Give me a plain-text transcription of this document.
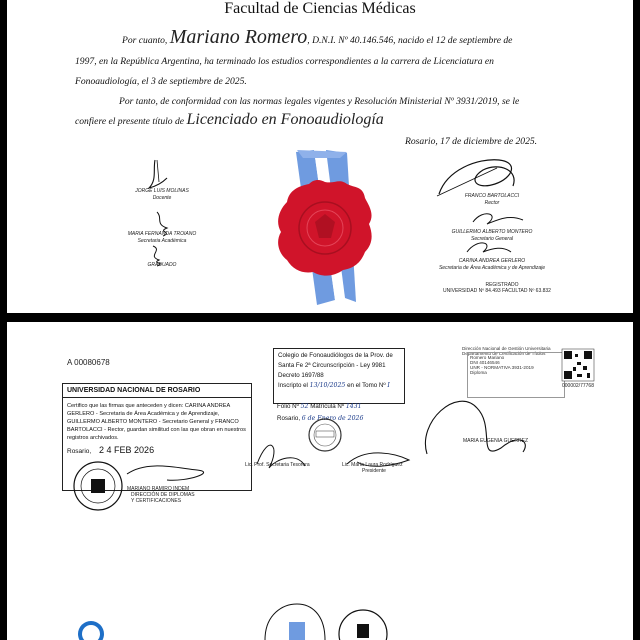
Facultad de Ciencias Médicas
Por cuanto, Mariano Romero, D.N.I. Nº 40.146.546, nacido el 12 de septiembre de
1997, en la República Argentina, ha terminado los estudios correspondientes a la carrera de Licenciatura en
Fonoaudiología, el 3 de septiembre de 2025.
Por tanto, de conformidad con las normas legales vigentes y Resolución Ministerial Nº 3931/2019, se le
confiere el presente título de Licenciado en Fonoaudiología
Rosario, 17 de diciembre de 2025.
JORGE LUIS MOLINAS
Docente
MARIA FERNANDA TROIANO
Secretaria Académica
GRADUADO
FRANCO BARTOLACCI
Rector
GUILLERMO ALBERTO MONTERO
Secretario General
CARINA ANDREA GERLERO
Secretaria de Área Académica y de Aprendizaje
REGISTRADO
UNIVERSIDAD Nº 84.493 FACULTAD Nº 63.832
A 00080678
Colegio de Fonoaudiólogos de la Prov. de
Santa Fe 2ª Circunscripción - Ley 9981
Decreto 1697/88
Inscripto el 13/10/2025 en el Tomo Nº I
Folio Nº 52 Matrícula Nº 1431
Rosario, 6 de Enero de 2026
UNIVERSIDAD NACIONAL DE ROSARIO
Certifico que las firmas que anteceden y dicen: CARINA ANDREA GERLERO - Secretaria de Área Académica y de Aprendizaje, GUILLERMO ALBERTO MONTERO - Secretario General y FRANCO BARTOLACCI - Rector, guardan similitud con las que obran en nuestros registros archivados.
Rosario, 2 4 FEB 2026
MARIANO RAMIRO INDEM
DIRECCIÓN DE DIPLOMAS
Y CERTIFICACIONES
Lic. Prof. Secretaria Tesorera	Lic. María Laura Rodríguez
Presidente
Dirección Nacional de Gestión Universitaria
Departamento de Certificación de Títulos
Romero Mariano
DNI 40146546
UNR - NORMATIVA 3931-2019
Diploma
000002/77768
MARIA EUGENIA GUERREZ
